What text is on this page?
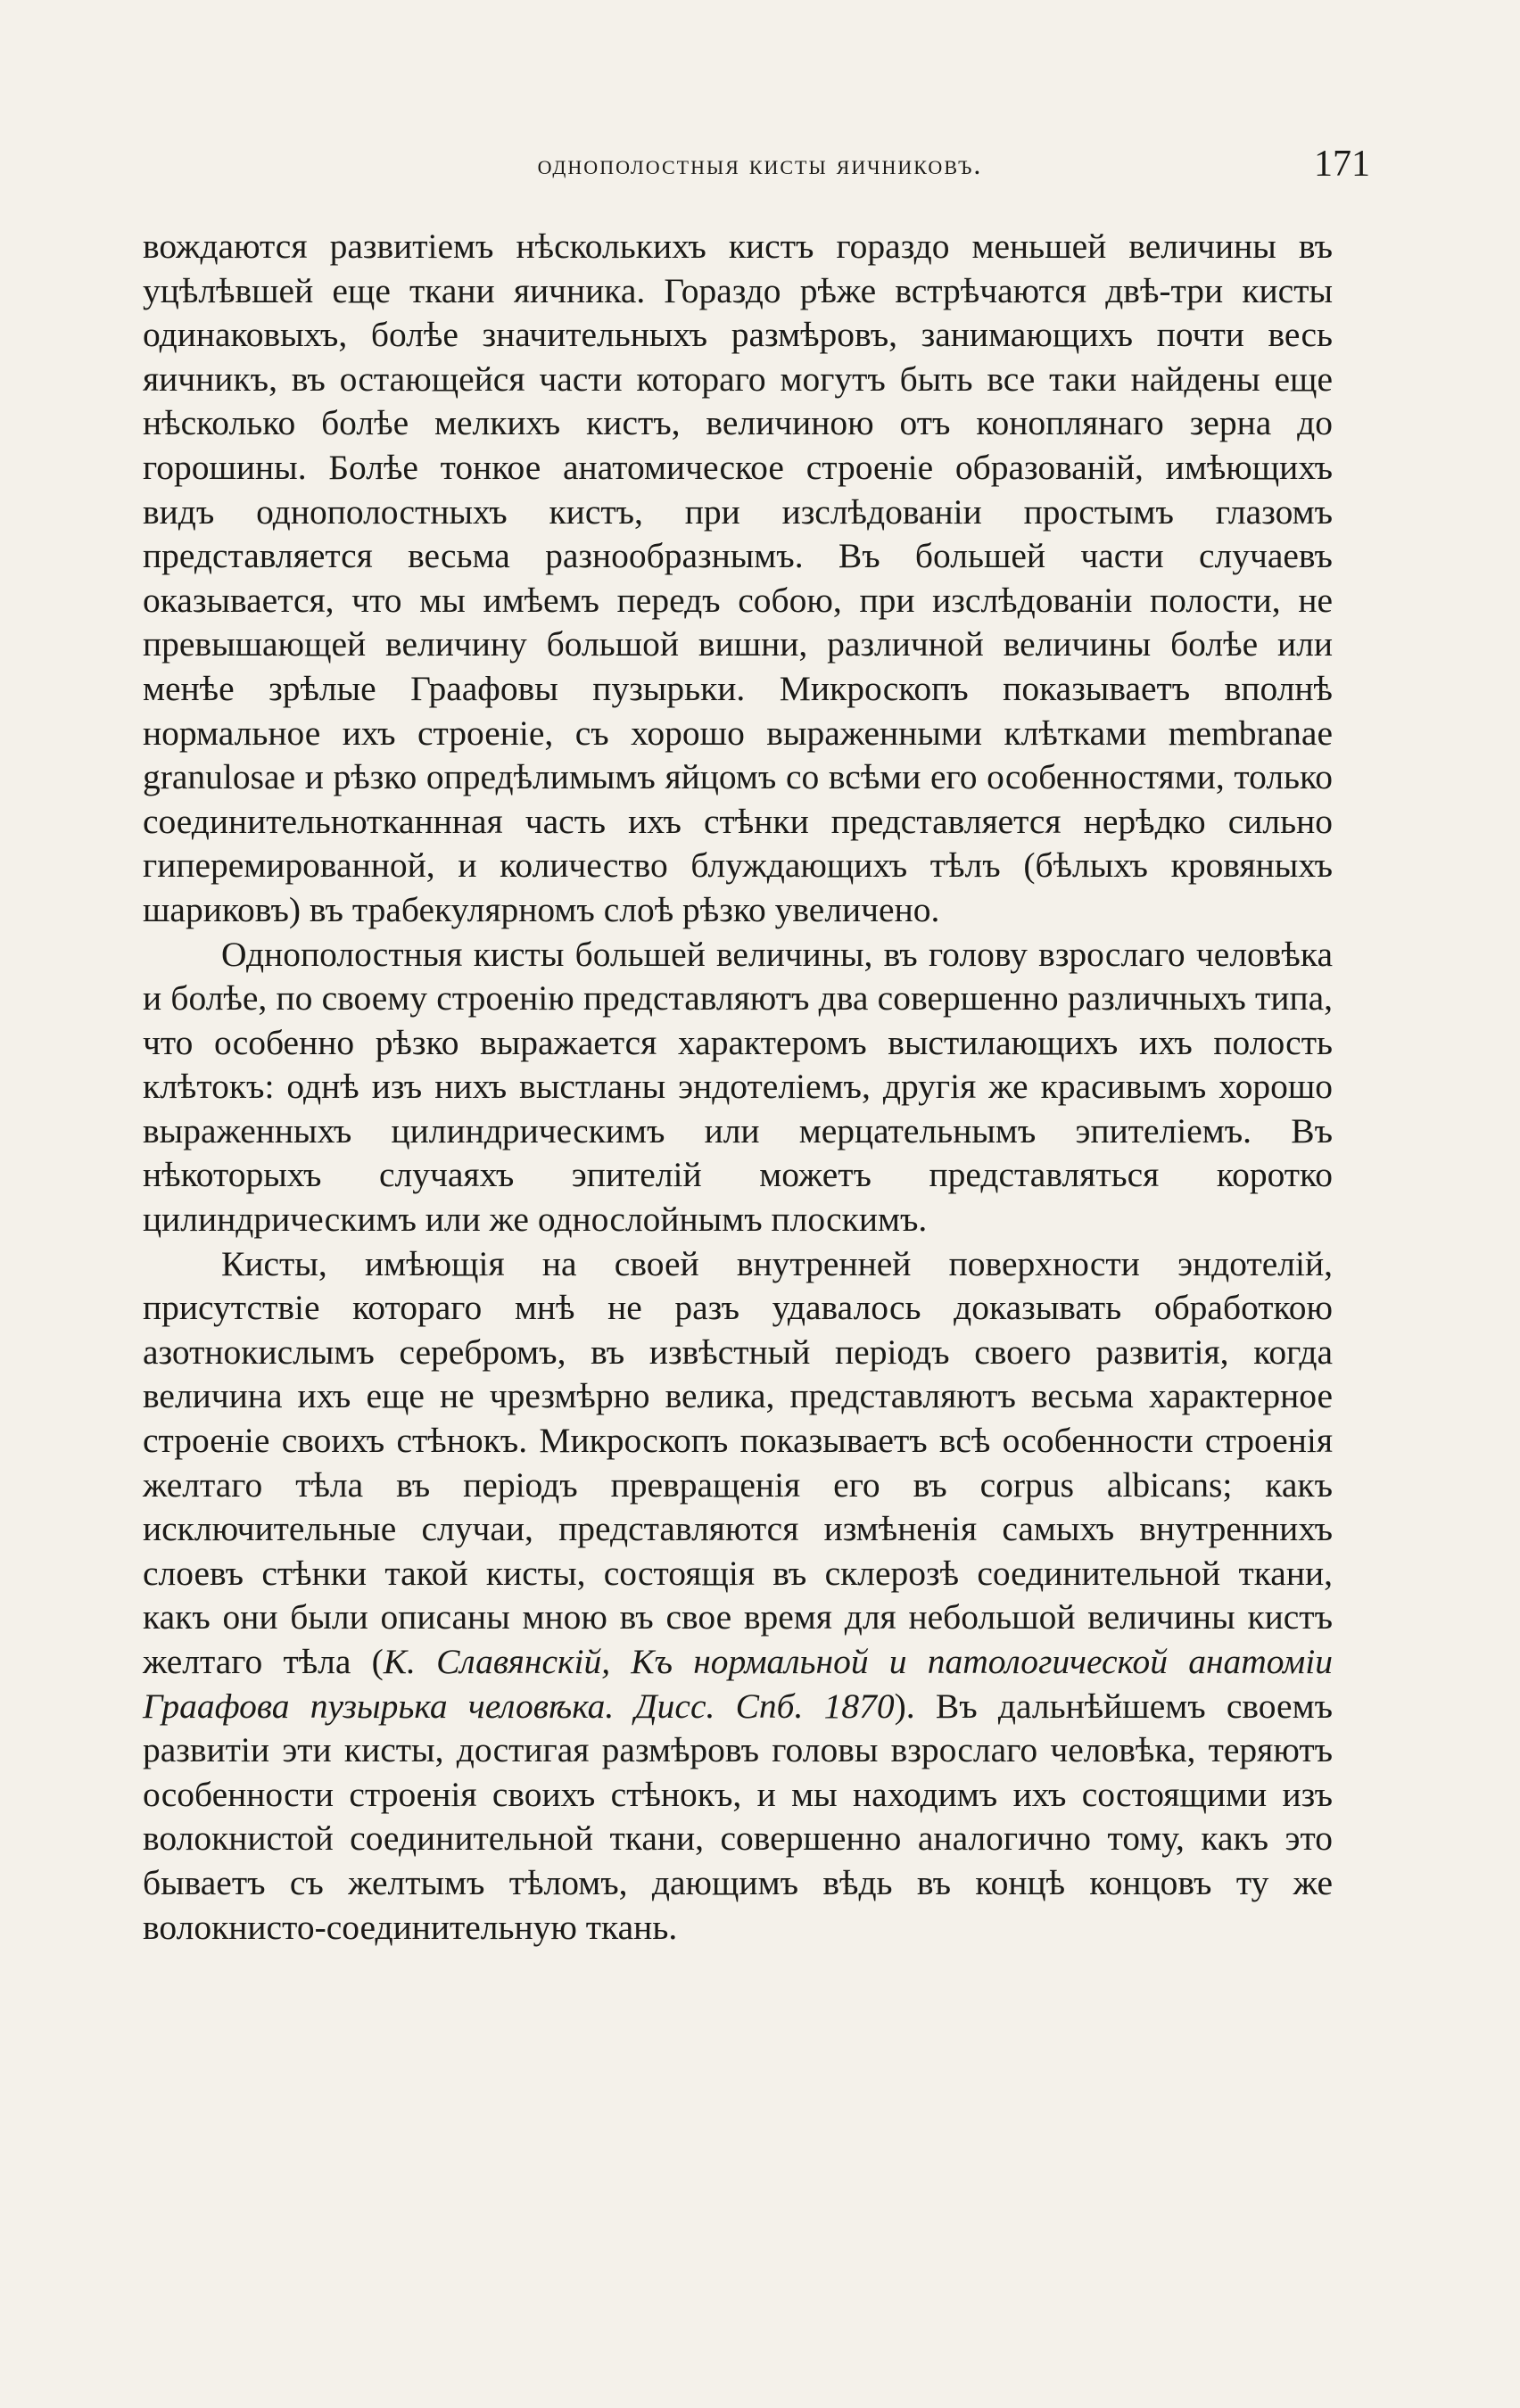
однополостныя кисты яичниковъ.	171

вождаются развитіемъ нѣсколькихъ кистъ гораздо меньшей величины въ уцѣлѣвшей еще ткани яичника. Гораздо рѣже встрѣчаются двѣ-три кисты одинаковыхъ, болѣе значительныхъ размѣровъ, занимающихъ почти весь яичникъ, въ остающейся части котораго могутъ быть все таки найдены еще нѣсколько болѣе мелкихъ кистъ, величиною отъ коноплянаго зерна до горошины. Болѣе тонкое анатомическое строеніе образованій, имѣющихъ видъ однополостныхъ кистъ, при изслѣдованіи простымъ глазомъ представляется весьма разнообразнымъ. Въ большей части случаевъ оказывается, что мы имѣемъ передъ собою, при изслѣдованіи полости, не превышающей величину большой вишни, различной величины болѣе или менѣе зрѣлые Граафовы пузырьки. Микроскопъ показываетъ вполнѣ нормальное ихъ строеніе, съ хорошо выраженными клѣтками membranae granulosae и рѣзко опредѣлимымъ яйцомъ со всѣми его особенностями, только соединительнотканнная часть ихъ стѣнки представляется нерѣдко сильно гиперемированной, и количество блуждающихъ тѣлъ (бѣлыхъ кровяныхъ шариковъ) въ трабекулярномъ слоѣ рѣзко увеличено.

Однополостныя кисты большей величины, въ голову взрослаго человѣка и болѣе, по своему строенію представляютъ два совершенно различныхъ типа, что особенно рѣзко выражается характеромъ выстилающихъ ихъ полость клѣтокъ: однѣ изъ нихъ выстланы эндотеліемъ, другія же красивымъ хорошо выраженныхъ цилиндрическимъ или мерцательнымъ эпителіемъ. Въ нѣкоторыхъ случаяхъ эпителій можетъ представляться коротко цилиндрическимъ или же однослойнымъ плоскимъ.

Кисты, имѣющія на своей внутренней поверхности эндотелій, присутствіе котораго мнѣ не разъ удавалось доказывать обработкою азотнокислымъ серебромъ, въ извѣстный періодъ своего развитія, когда величина ихъ еще не чрезмѣрно велика, представляютъ весьма характерное строеніе своихъ стѣнокъ. Микроскопъ показываетъ всѣ особенности строенія желтаго тѣла въ періодъ превращенія его въ corpus albicans; какъ исключительные случаи, представляются измѣненія самыхъ внутреннихъ слоевъ стѣнки такой кисты, состоящія въ склерозѣ соединительной ткани, какъ они были описаны мною въ свое время для небольшой величины кистъ желтаго тѣла (К. Славянскій, Къ нормальной и патологической анатоміи Граафова пузырька человѣка. Дисс. Спб. 1870). Въ дальнѣйшемъ своемъ развитіи эти кисты, достигая размѣровъ головы взрослаго человѣка, теряютъ особенности строенія своихъ стѣнокъ, и мы находимъ ихъ состоящими изъ волокнистой соединительной ткани, совершенно аналогично тому, какъ это бываетъ съ желтымъ тѣломъ, дающимъ вѣдь въ концѣ концовъ ту же волокнисто-соединительную ткань.
